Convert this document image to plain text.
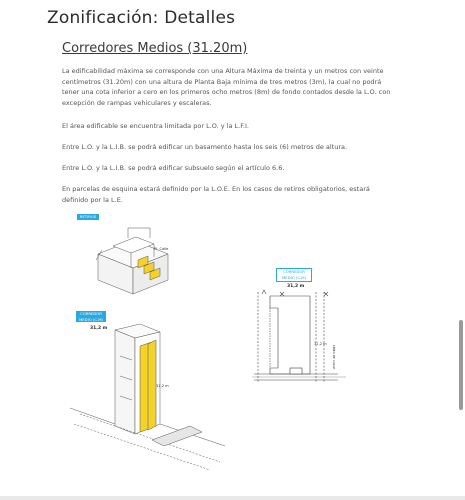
Zonificación: Detalles
Corredores Medios (31.20m)
La edificabilidad máxima se corresponde con una Altura Máxima de treinta y un metros con veinte centímetros (31.20m) con una altura de Planta Baja mínima de tres metros (3m), la cual no podrá tener una cota inferior a cero en los primeros ocho metros (8m) de fondo contados desde la L.O. con excepción de rampas vehiculares y escaleras.
El área edificable se encuentra limitada por L.O. y la L.F.I.
Entre L.O. y la L.I.B. se podrá edificar un basamento hasta los seis (6) metros de altura.
Entre L.O. y la L.I.B. se podrá edificar subsuelo según el artículo 6.6.
En parcelas de esquina estará definido por la L.O.E. En los casos de retiros obligatorios, estará definido por la L.E.
RETIROS
Pl. Calle
CORREDOR
MEDIO (C.M)
31,2 m
31,2 m
CORREDOR
MEDIO (C.M)
31,2 m
31,2 m
LÍNEA DE CALLE
